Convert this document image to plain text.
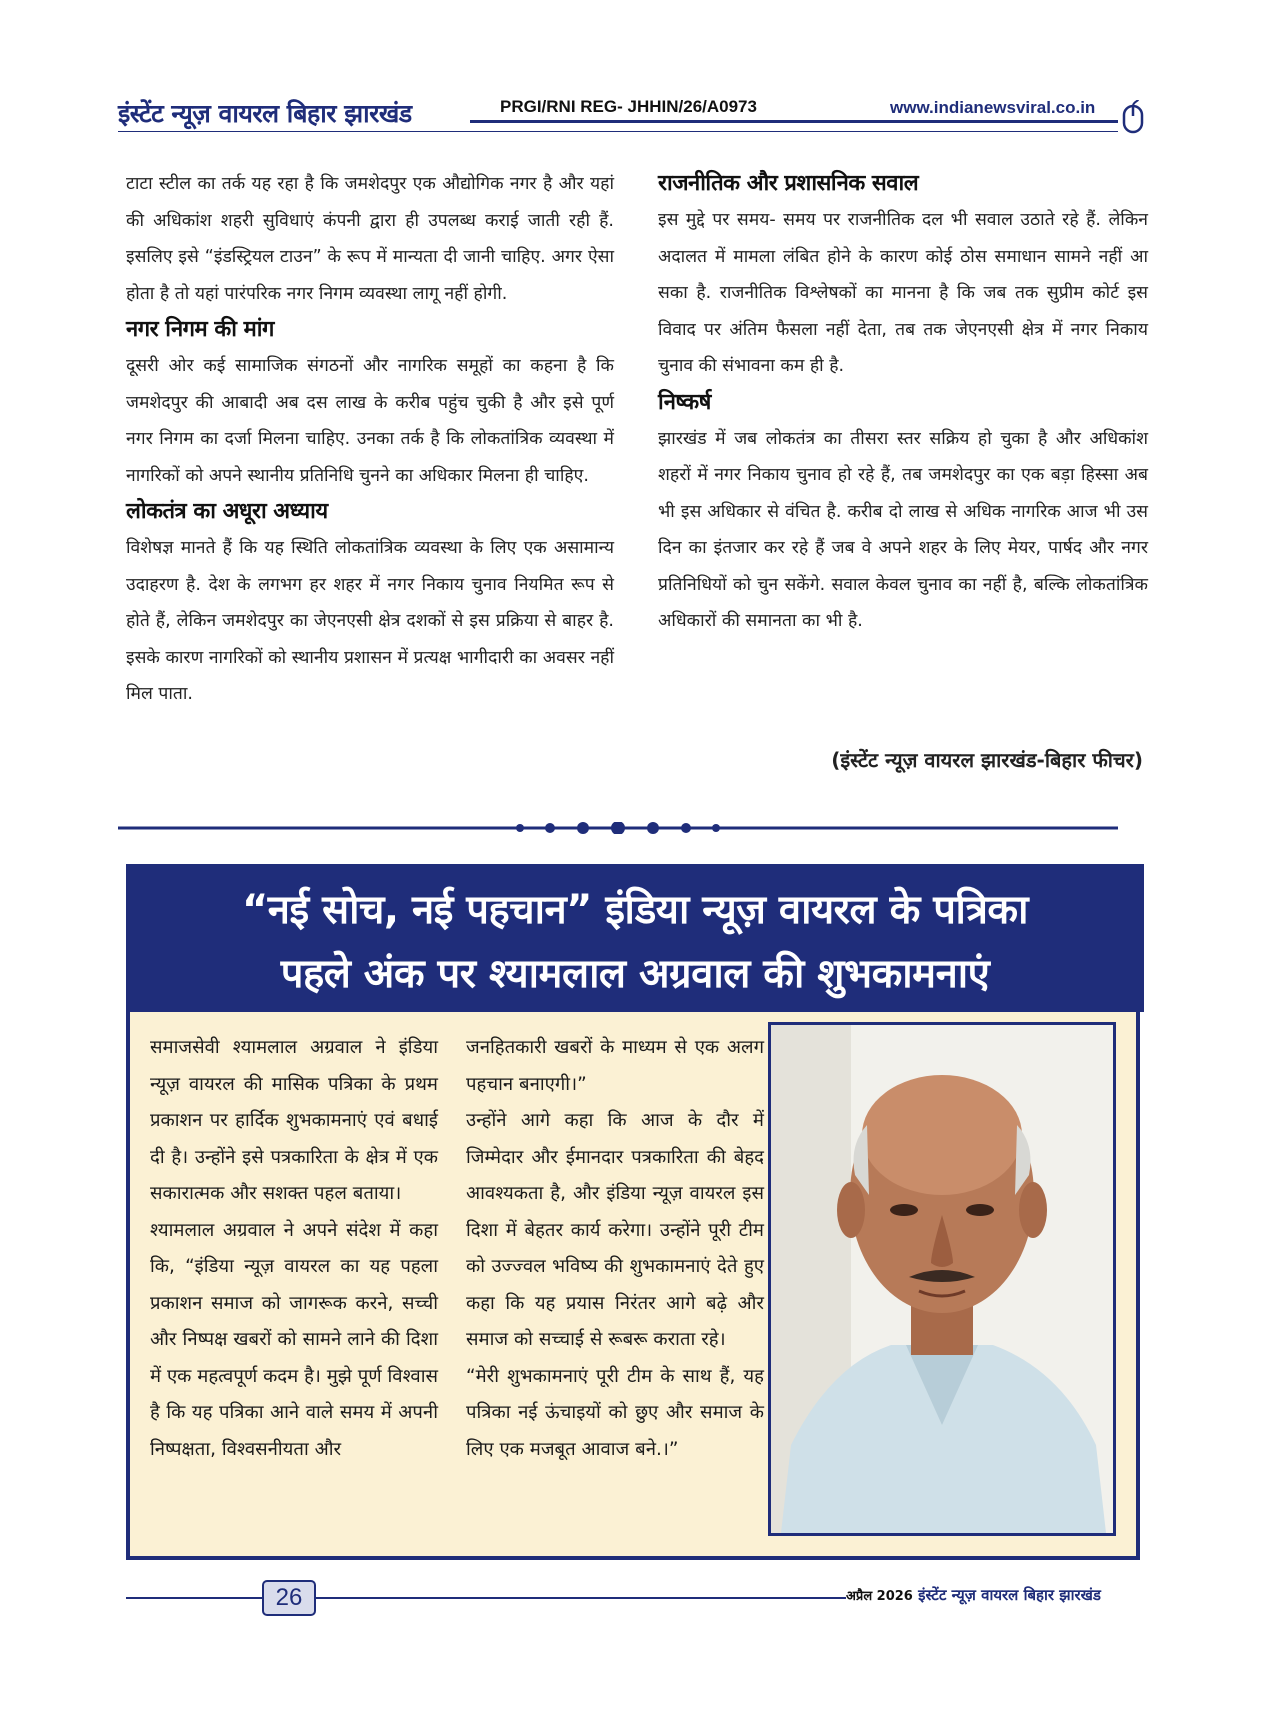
इंस्टेंट न्यूज़ वायरल बिहार झारखंड	PRGI/RNI REG- JHHIN/26/A0973	www.indianewsviral.co.in

टाटा स्टील का तर्क यह रहा है कि जमशेदपुर एक औद्योगिक नगर है और यहां की अधिकांश शहरी सुविधाएं कंपनी द्वारा ही उपलब्ध कराई जाती रही हैं. इसलिए इसे “इंडस्ट्रियल टाउन” के रूप में मान्यता दी जानी चाहिए. अगर ऐसा होता है तो यहां पारंपरिक नगर निगम व्यवस्था लागू नहीं होगी.

नगर निगम की मांग

दूसरी ओर कई सामाजिक संगठनों और नागरिक समूहों का कहना है कि जमशेदपुर की आबादी अब दस लाख के करीब पहुंच चुकी है और इसे पूर्ण नगर निगम का दर्जा मिलना चाहिए. उनका तर्क है कि लोकतांत्रिक व्यवस्था में नागरिकों को अपने स्थानीय प्रतिनिधि चुनने का अधिकार मिलना ही चाहिए.

लोकतंत्र का अधूरा अध्याय

विशेषज्ञ मानते हैं कि यह स्थिति लोकतांत्रिक व्यवस्था के लिए एक असामान्य उदाहरण है. देश के लगभग हर शहर में नगर निकाय चुनाव नियमित रूप से होते हैं, लेकिन जमशेदपुर का जेएनएसी क्षेत्र दशकों से इस प्रक्रिया से बाहर है. इसके कारण नागरिकों को स्थानीय प्रशासन में प्रत्यक्ष भागीदारी का अवसर नहीं मिल पाता.

राजनीतिक और प्रशासनिक सवाल

इस मुद्दे पर समय- समय पर राजनीतिक दल भी सवाल उठाते रहे हैं. लेकिन अदालत में मामला लंबित होने के कारण कोई ठोस समाधान सामने नहीं आ सका है. राजनीतिक विश्लेषकों का मानना है कि जब तक सुप्रीम कोर्ट इस विवाद पर अंतिम फैसला नहीं देता, तब तक जेएनएसी क्षेत्र में नगर निकाय चुनाव की संभावना कम ही है.

निष्कर्ष

झारखंड में जब लोकतंत्र का तीसरा स्तर सक्रिय हो चुका है और अधिकांश शहरों में नगर निकाय चुनाव हो रहे हैं, तब जमशेदपुर का एक बड़ा हिस्सा अब भी इस अधिकार से वंचित है. करीब दो लाख से अधिक नागरिक आज भी उस दिन का इंतजार कर रहे हैं जब वे अपने शहर के लिए मेयर, पार्षद और नगर प्रतिनिधियों को चुन सकेंगे. सवाल केवल चुनाव का नहीं है, बल्कि लोकतांत्रिक अधिकारों की समानता का भी है.

(इंस्टेंट न्यूज़ वायरल झारखंड-बिहार फीचर)
“नई सोच, नई पहचान” इंडिया न्यूज़ वायरल के पत्रिका
पहले अंक पर श्यामलाल अग्रवाल की शुभकामनाएं

समाजसेवी श्यामलाल अग्रवाल ने इंडिया न्यूज़ वायरल की मासिक पत्रिका के प्रथम प्रकाशन पर हार्दिक शुभकामनाएं एवं बधाई दी है। उन्होंने इसे पत्रकारिता के क्षेत्र में एक सकारात्मक और सशक्त पहल बताया।

श्यामलाल अग्रवाल ने अपने संदेश में कहा कि, “इंडिया न्यूज़ वायरल का यह पहला प्रकाशन समाज को जागरूक करने, सच्ची और निष्पक्ष खबरों को सामने लाने की दिशा में एक महत्वपूर्ण कदम है। मुझे पूर्ण विश्वास है कि यह पत्रिका आने वाले समय में अपनी निष्पक्षता, विश्वसनीयता और

जनहितकारी खबरों के माध्यम से एक अलग पहचान बनाएगी।”

उन्होंने आगे कहा कि आज के दौर में जिम्मेदार और ईमानदार पत्रकारिता की बेहद आवश्यकता है, और इंडिया न्यूज़ वायरल इस दिशा में बेहतर कार्य करेगा। उन्होंने पूरी टीम को उज्ज्वल भविष्य की शुभकामनाएं देते हुए कहा कि यह प्रयास निरंतर आगे बढ़े और समाज को सच्चाई से रूबरू कराता रहे।

“मेरी शुभकामनाएं पूरी टीम के साथ हैं, यह पत्रिका नई ऊंचाइयों को छुए और समाज के लिए एक मजबूत आवाज बने.।”

26	अप्रैल 2026 इंस्टेंट न्यूज़ वायरल बिहार झारखंड
